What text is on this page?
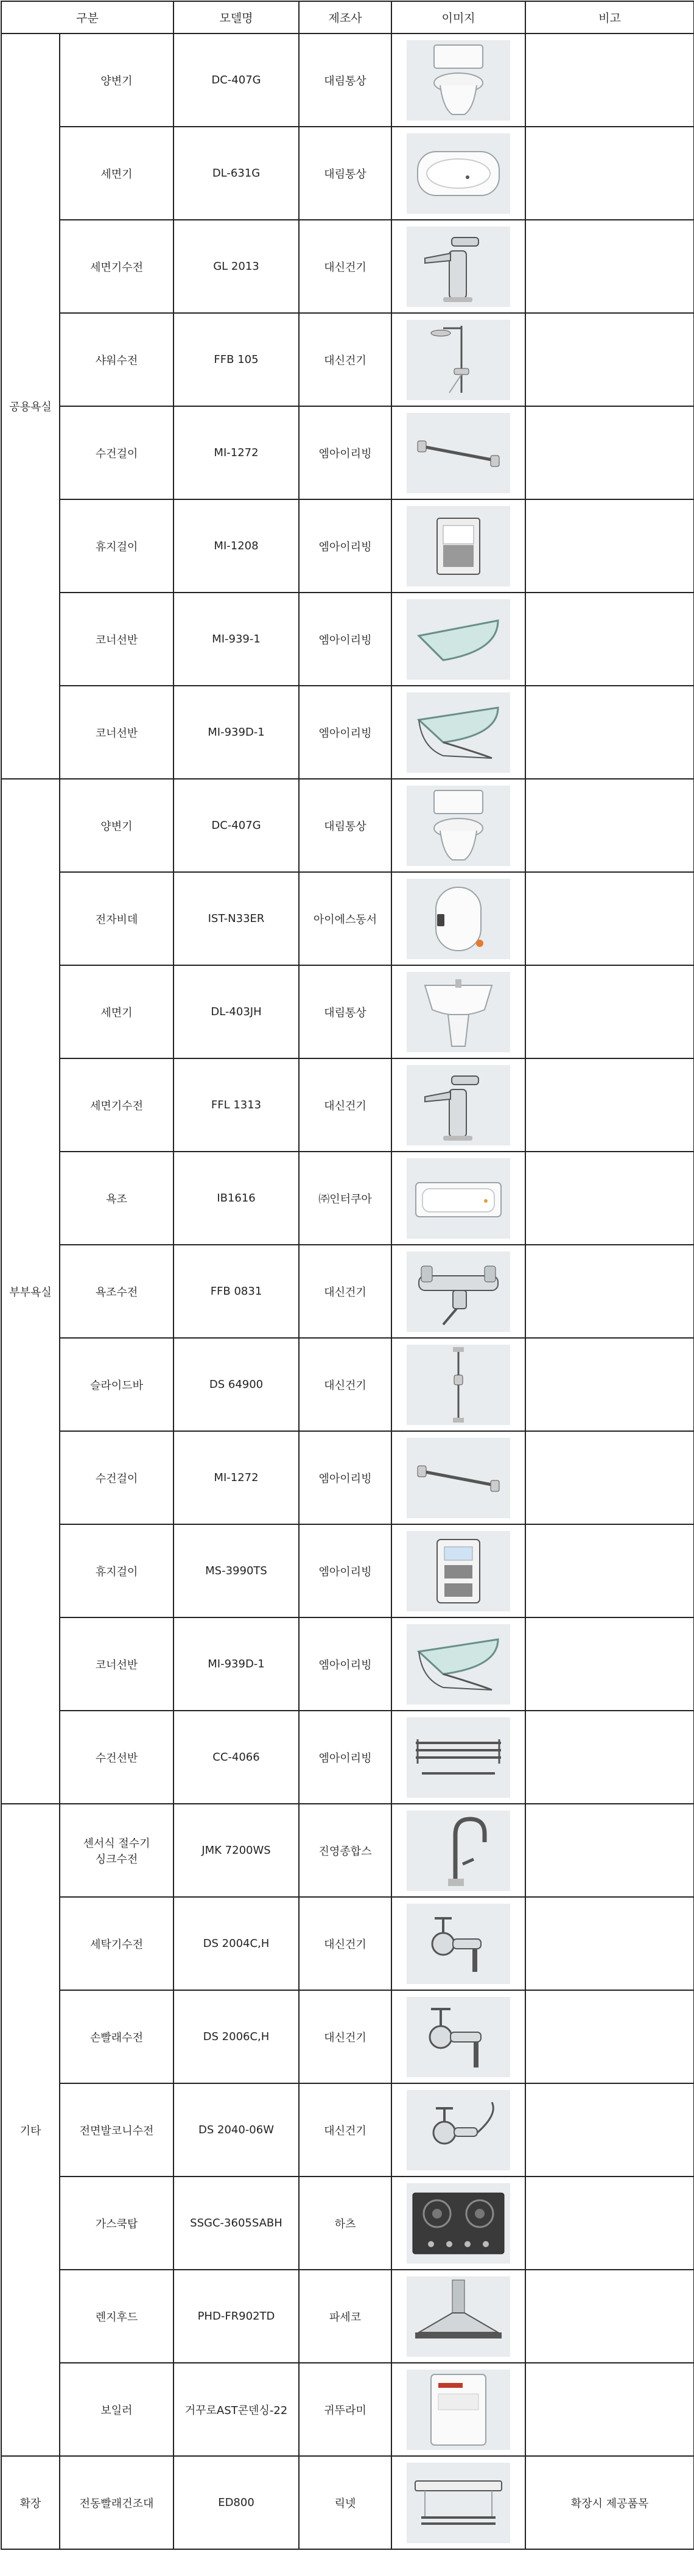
구분		모델명	제조사	이미지	비고
공용욕실	양변기	DC-407G	대림통상	

	세면기	DL-631G	대림통상	

	세면기수전	GL 2013	대신건기	

	샤워수전	FFB 105	대신건기	

	수건걸이	MI-1272	엠아이리빙	

	휴지걸이	MI-1208	엠아이리빙	

	코너선반	MI-939-1	엠아이리빙	

	코너선반	MI-939D-1	엠아이리빙	

부부욕실	양변기	DC-407G	대림통상	

	전자비데	IST-N33ER	아이에스동서	

	세면기	DL-403JH	대림통상	

	세면기수전	FFL 1313	대신건기	

	욕조	IB1616	㈜인터쿠아	

	욕조수전	FFB 0831	대신건기	

	슬라이드바	DS 64900	대신건기	

	수건걸이	MI-1272	엠아이리빙	

	휴지걸이	MS-3990TS	엠아이리빙	

	코너선반	MI-939D-1	엠아이리빙	

	수건선반	CC-4066	엠아이리빙	

기타	센서식 절수기
싱크수전	JMK 7200WS	진영종합스	

	세탁기수전	DS 2004C,H	대신건기	

	손빨래수전	DS 2006C,H	대신건기	

	전면발코니수전	DS 2040-06W	대신건기	

	가스쿡탑	SSGC-3605SABH	하츠	

	렌지후드	PHD-FR902TD	파세코	

	보일러	거꾸로AST콘덴싱-22	귀뚜라미	

확장	전동빨래건조대	ED800	릭넷		확장시 제공품목
